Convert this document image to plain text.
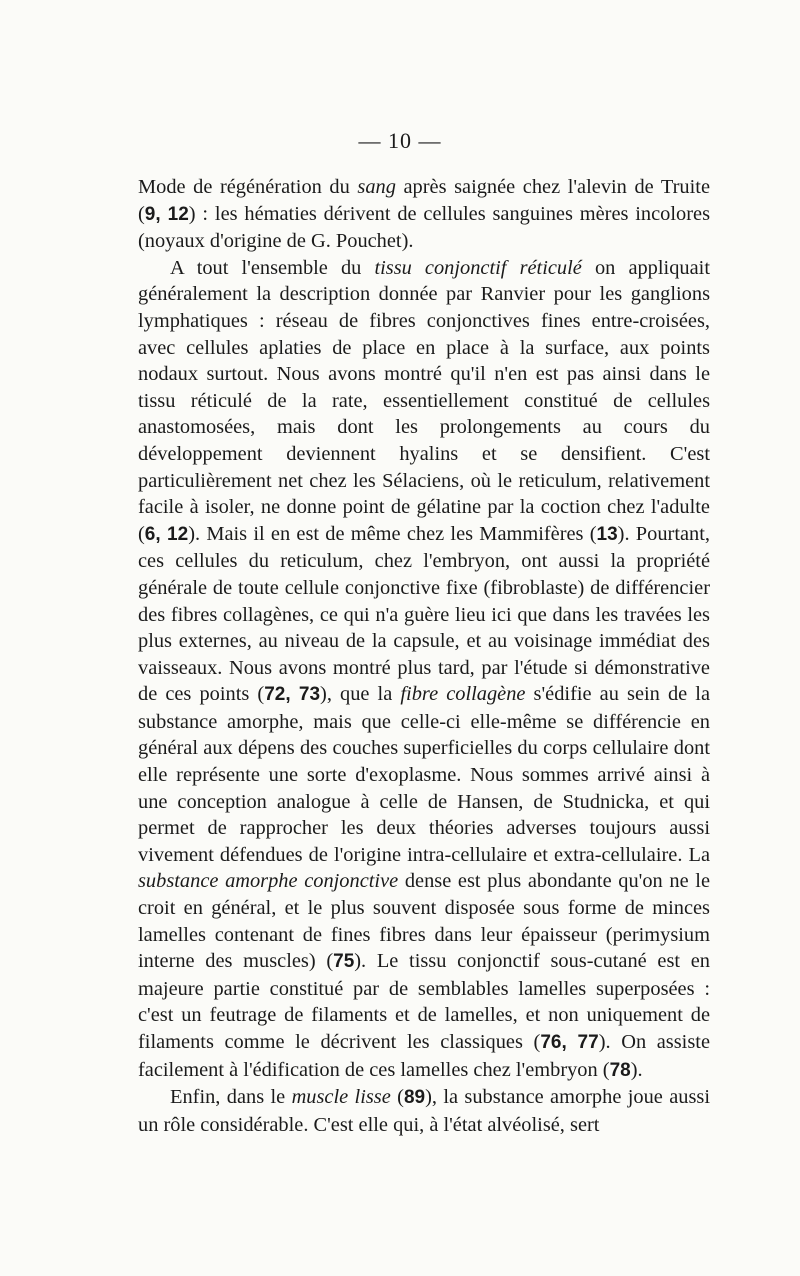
— 10 —

Mode de régénération du sang après saignée chez l'alevin de Truite (9, 12) : les hématies dérivent de cellules sanguines mères incolores (noyaux d'origine de G. Pouchet).

A tout l'ensemble du tissu conjonctif réticulé on appliquait généralement la description donnée par Ranvier pour les ganglions lymphatiques : réseau de fibres conjonctives fines entre-croisées, avec cellules aplaties de place en place à la surface, aux points nodaux surtout. Nous avons montré qu'il n'en est pas ainsi dans le tissu réticulé de la rate, essentiellement constitué de cellules anastomosées, mais dont les prolongements au cours du développement deviennent hyalins et se densifient. C'est particulièrement net chez les Sélaciens, où le reticulum, relativement facile à isoler, ne donne point de gélatine par la coction chez l'adulte (6, 12). Mais il en est de même chez les Mammifères (13). Pourtant, ces cellules du reticulum, chez l'embryon, ont aussi la propriété générale de toute cellule conjonctive fixe (fibroblaste) de différencier des fibres collagènes, ce qui n'a guère lieu ici que dans les travées les plus externes, au niveau de la capsule, et au voisinage immédiat des vaisseaux. Nous avons montré plus tard, par l'étude si démonstrative de ces points (72, 73), que la fibre collagène s'édifie au sein de la substance amorphe, mais que celle-ci elle-même se différencie en général aux dépens des couches superficielles du corps cellulaire dont elle représente une sorte d'exoplasme. Nous sommes arrivé ainsi à une conception analogue à celle de Hansen, de Studnicka, et qui permet de rapprocher les deux théories adverses toujours aussi vivement défendues de l'origine intra-cellulaire et extra-cellulaire. La substance amorphe conjonctive dense est plus abondante qu'on ne le croit en général, et le plus souvent disposée sous forme de minces lamelles contenant de fines fibres dans leur épaisseur (perimysium interne des muscles) (75). Le tissu conjonctif sous-cutané est en majeure partie constitué par de semblables lamelles superposées : c'est un feutrage de filaments et de lamelles, et non uniquement de filaments comme le décrivent les classiques (76, 77). On assiste facilement à l'édification de ces lamelles chez l'embryon (78).

Enfin, dans le muscle lisse (89), la substance amorphe joue aussi un rôle considérable. C'est elle qui, à l'état alvéolisé, sert
